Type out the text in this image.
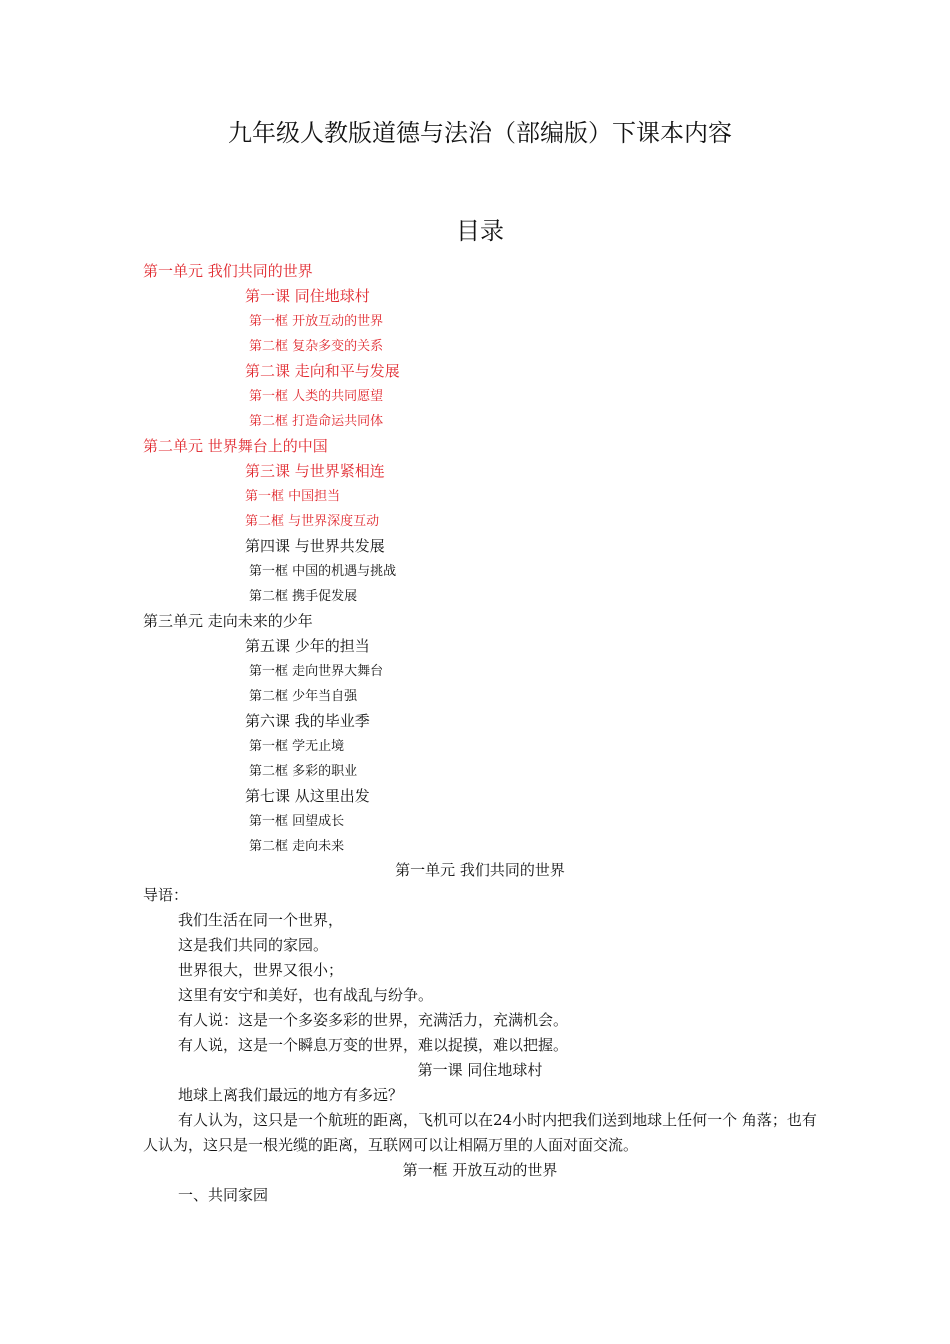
九年级人教版道德与法治（部编版）下课本内容
目录
第一单元 我们共同的世界
第一课 同住地球村
第一框 开放互动的世界
第二框 复杂多变的关系
第二课 走向和平与发展
第一框 人类的共同愿望
第二框 打造命运共同体
第二单元 世界舞台上的中国
第三课 与世界紧相连
第一框 中国担当
第二框 与世界深度互动
第四课 与世界共发展
第一框 中国的机遇与挑战
第二框 携手促发展
第三单元 走向未来的少年
第五课 少年的担当
第一框 走向世界大舞台
第二框 少年当自强
第六课 我的毕业季
第一框 学无止境
第二框 多彩的职业
第七课 从这里出发
第一框 回望成长
第二框 走向未来
第一单元 我们共同的世界
导语：
我们生活在同一个世界，
这是我们共同的家园。
世界很大，世界又很小；
这里有安宁和美好，也有战乱与纷争。
有人说：这是一个多姿多彩的世界，充满活力，充满机会。
有人说，这是一个瞬息万变的世界，难以捉摸，难以把握。
第一课 同住地球村
地球上离我们最远的地方有多远？
有人认为，这只是一个航班的距离，飞机可以在24小时内把我们送到地球上任何一个 角落；也有人认为，这只是一根光缆的距离，互联网可以让相隔万里的人面对面交流。
第一框 开放互动的世界
一、共同家园
